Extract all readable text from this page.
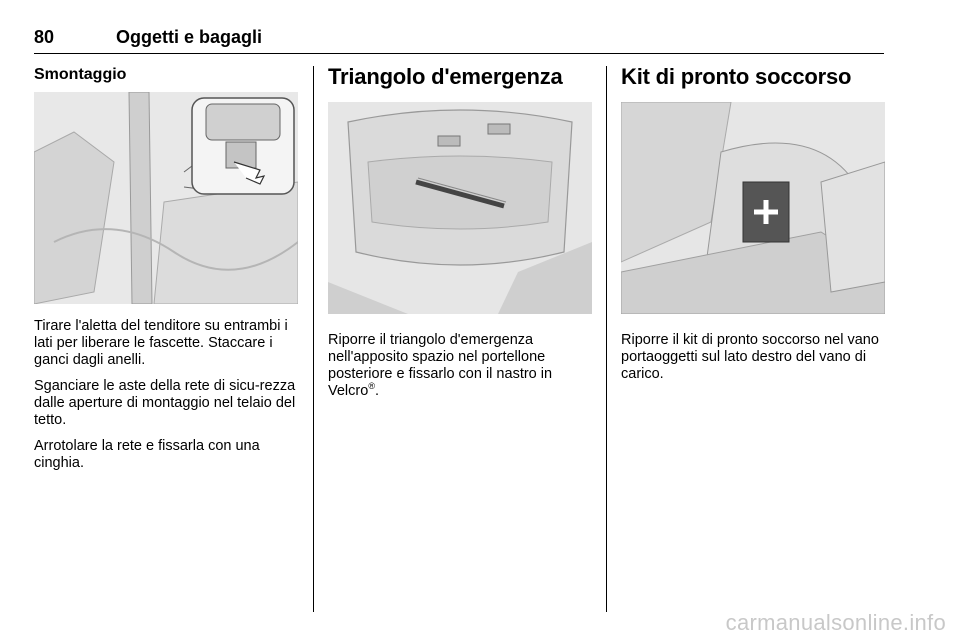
80	Oggetti e bagagli
Smontaggio

Tirare l'aletta del tenditore su entrambi i lati per liberare le fascette. Staccare i ganci dagli anelli.

Sganciare le aste della rete di sicu-rezza dalle aperture di montaggio nel telaio del tetto.

Arrotolare la rete e fissarla con una cinghia.

Triangolo d'emergenza

Riporre il triangolo d'emergenza nell'apposito spazio nel portellone posteriore e fissarlo con il nastro in Velcro®.

Kit di pronto soccorso

Riporre il kit di pronto soccorso nel vano portaoggetti sul lato destro del vano di carico.

carmanualsonline.info
